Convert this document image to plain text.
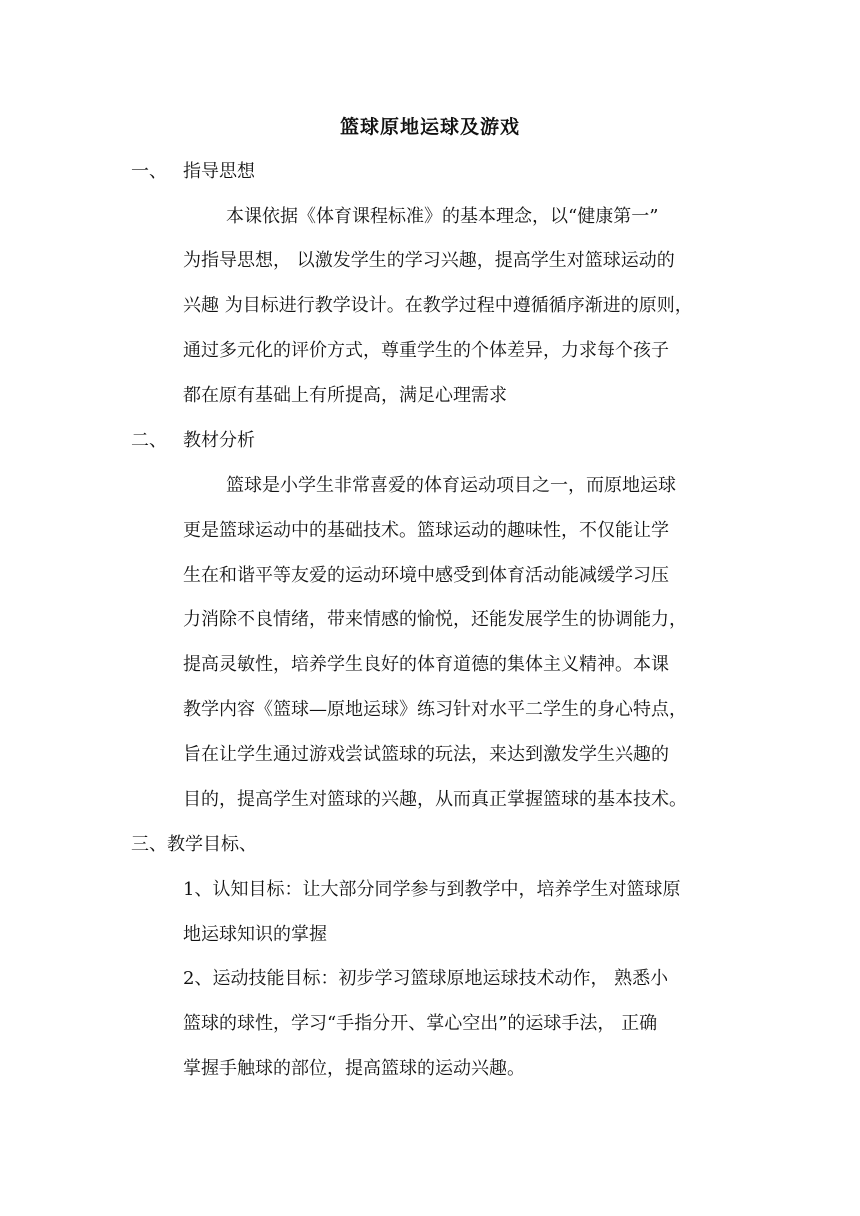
篮球原地运球及游戏
一、 指导思想
本课依据《体育课程标准》的基本理念，以“健康第一”
为指导思想， 以激发学生的学习兴趣，提高学生对篮球运动的
兴趣 为目标进行教学设计。在教学过程中遵循循序渐进的原则，
通过多元化的评价方式，尊重学生的个体差异，力求每个孩子
都在原有基础上有所提高，满足心理需求
二、 教材分析
篮球是小学生非常喜爱的体育运动项目之一，而原地运球
更是篮球运动中的基础技术。篮球运动的趣味性，不仅能让学
生在和谐平等友爱的运动环境中感受到体育活动能减缓学习压
力消除不良情绪，带来情感的愉悦，还能发展学生的协调能力，
提高灵敏性，培养学生良好的体育道德的集体主义精神。本课
教学内容《篮球—原地运球》练习针对水平二学生的身心特点，
旨在让学生通过游戏尝试篮球的玩法，来达到激发学生兴趣的
目的，提高学生对篮球的兴趣，从而真正掌握篮球的基本技术。
三、教学目标、
1、认知目标：让大部分同学参与到教学中，培养学生对篮球原
地运球知识的掌握
2、运动技能目标：初步学习篮球原地运球技术动作， 熟悉小
篮球的球性，学习“手指分开、掌心空出”的运球手法， 正确
掌握手触球的部位，提高篮球的运动兴趣。
